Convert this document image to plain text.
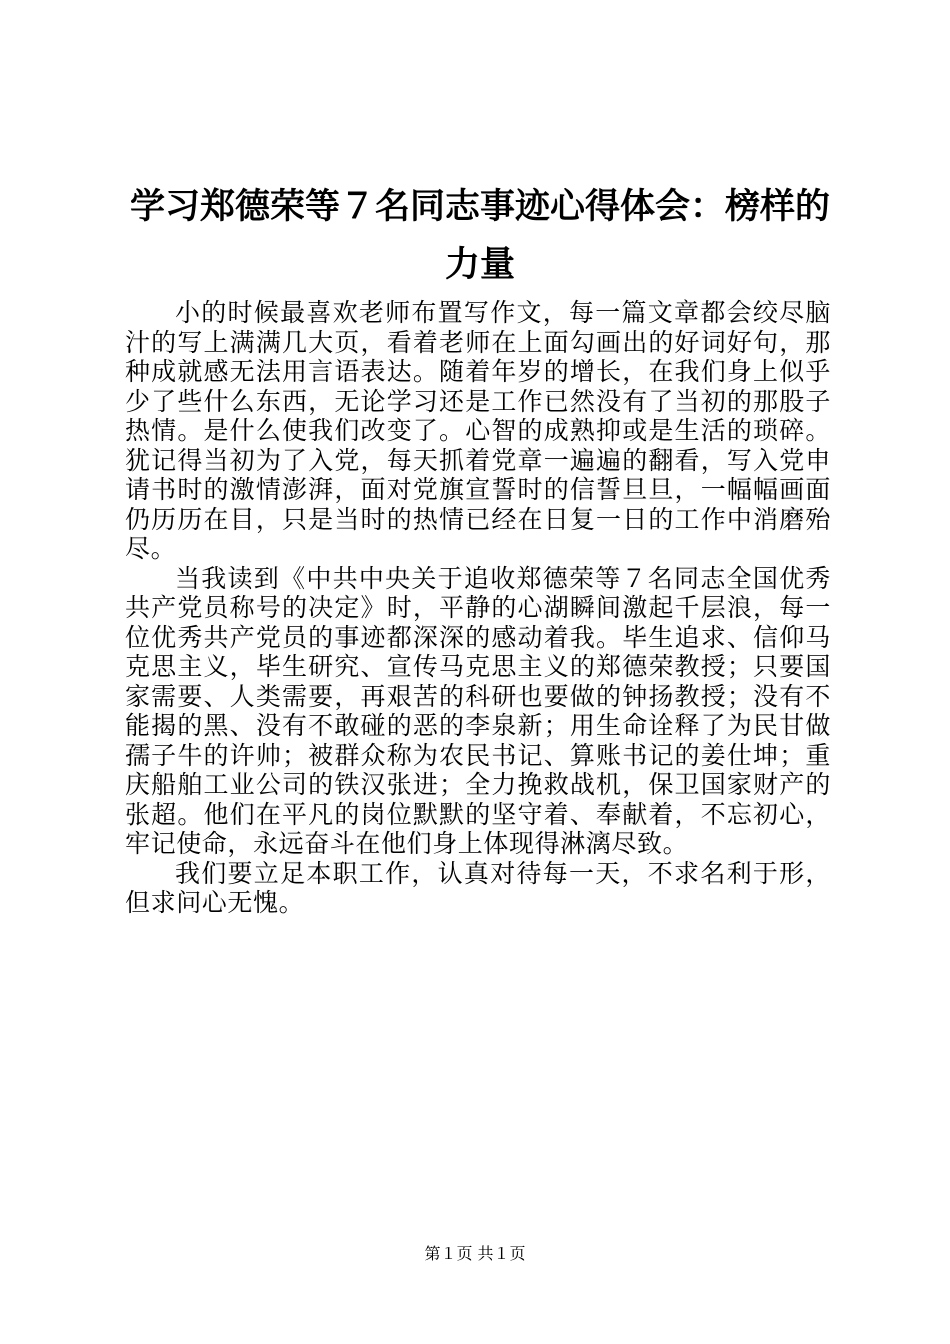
学习郑德荣等７名同志事迹心得体会：榜样的力量

小的时候最喜欢老师布置写作文，每一篇文章都会绞尽脑汁的写上满满几大页，看着老师在上面勾画出的好词好句，那种成就感无法用言语表达。随着年岁的增长，在我们身上似乎少了些什么东西，无论学习还是工作已然没有了当初的那股子热情。是什么使我们改变了。心智的成熟抑或是生活的琐碎。犹记得当初为了入党，每天抓着党章一遍遍的翻看，写入党申请书时的激情澎湃，面对党旗宣誓时的信誓旦旦，一幅幅画面仍历历在目，只是当时的热情已经在日复一日的工作中消磨殆尽。

当我读到《中共中央关于追收郑德荣等７名同志全国优秀共产党员称号的决定》时，平静的心湖瞬间激起千层浪，每一位优秀共产党员的事迹都深深的感动着我。毕生追求、信仰马克思主义，毕生研究、宣传马克思主义的郑德荣教授；只要国家需要、人类需要，再艰苦的科研也要做的钟扬教授；没有不能揭的黑、没有不敢碰的恶的李泉新；用生命诠释了为民甘做孺子牛的许帅；被群众称为农民书记、算账书记的姜仕坤；重庆船舶工业公司的铁汉张进；全力挽救战机，保卫国家财产的张超。他们在平凡的岗位默默的坚守着、奉献着，不忘初心，牢记使命，永远奋斗在他们身上体现得淋漓尽致。

我们要立足本职工作，认真对待每一天，不求名利于形，但求问心无愧。

第１页 共１页
